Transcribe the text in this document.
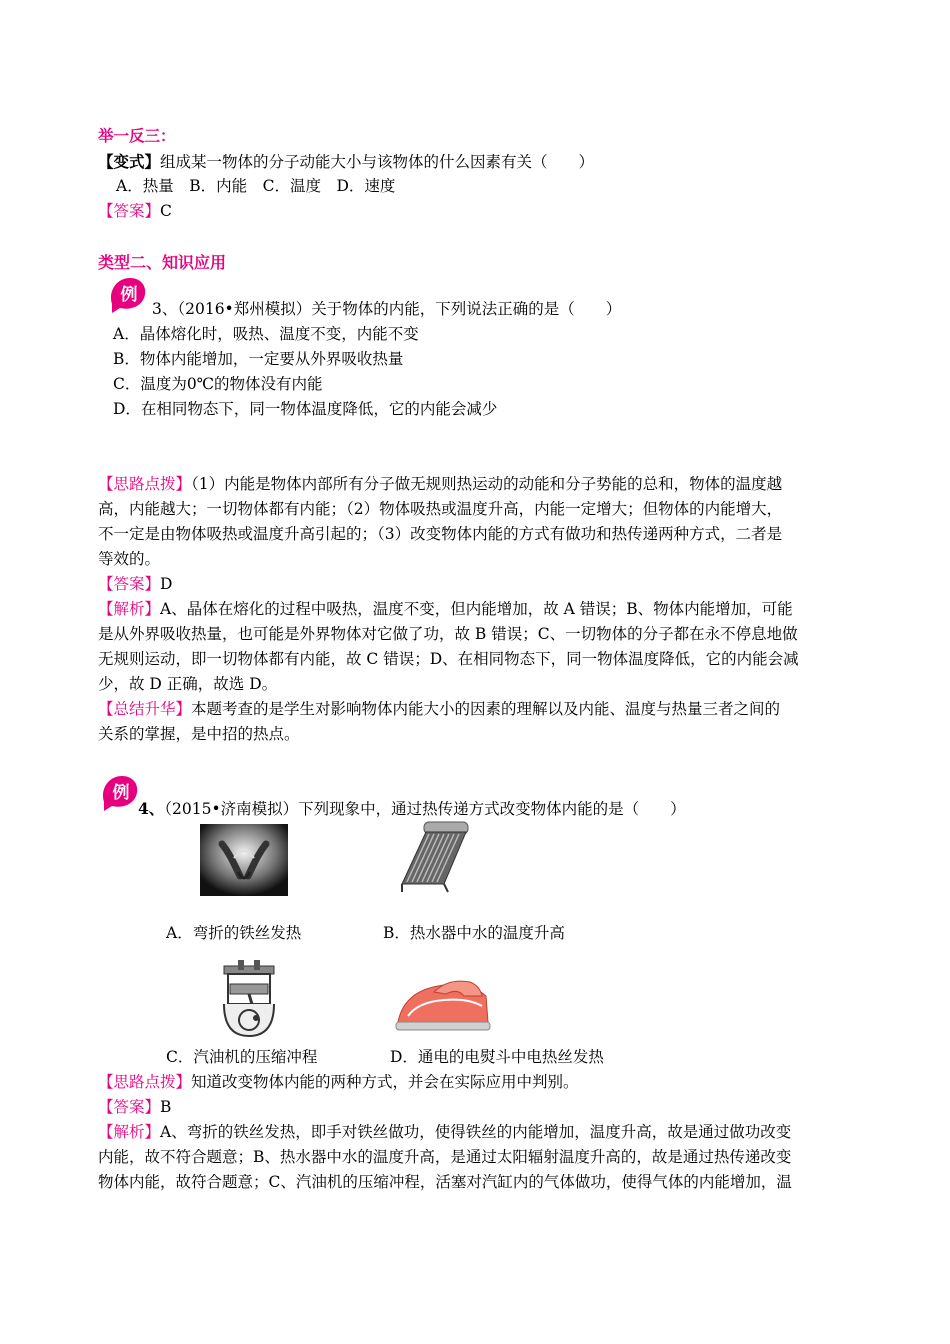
举一反三：
【变式】组成某一物体的分子动能大小与该物体的什么因素有关（　　）
A．热量　B．内能　C．温度　D．速度
【答案】C
类型二、知识应用
例
3、（2016•郑州模拟）关于物体的内能，下列说法正确的是（　　）
A．晶体熔化时，吸热、温度不变，内能不变
B．物体内能增加，一定要从外界吸收热量
C．温度为0℃的物体没有内能
D．在相同物态下，同一物体温度降低，它的内能会减少
【思路点拨】（1）内能是物体内部所有分子做无规则热运动的动能和分子势能的总和，物体的温度越
高，内能越大；一切物体都有内能；（2）物体吸热或温度升高，内能一定增大；但物体的内能增大，
不一定是由物体吸热或温度升高引起的；（3）改变物体内能的方式有做功和热传递两种方式，二者是
等效的。
【答案】D
【解析】A、晶体在熔化的过程中吸热，温度不变，但内能增加，故 A 错误；B、物体内能增加，可能
是从外界吸收热量，也可能是外界物体对它做了功，故 B 错误；C、一切物体的分子都在永不停息地做
无规则运动，即一切物体都有内能，故 C 错误；D、在相同物态下，同一物体温度降低，它的内能会减
少，故 D 正确，故选 D。
【总结升华】本题考查的是学生对影响物体内能大小的因素的理解以及内能、温度与热量三者之间的
关系的掌握，是中招的热点。
例
4、（2015•济南模拟）下列现象中，通过热传递方式改变物体内能的是（　　）
A．弯折的铁丝发热	B．热水器中水的温度升高
C．汽油机的压缩冲程	D．通电的电熨斗中电热丝发热
【思路点拨】知道改变物体内能的两种方式，并会在实际应用中判别。
【答案】B
【解析】A、弯折的铁丝发热，即手对铁丝做功，使得铁丝的内能增加，温度升高，故是通过做功改变
内能，故不符合题意；B、热水器中水的温度升高，是通过太阳辐射温度升高的，故是通过热传递改变
物体内能，故符合题意；C、汽油机的压缩冲程，活塞对汽缸内的气体做功，使得气体的内能增加，温
